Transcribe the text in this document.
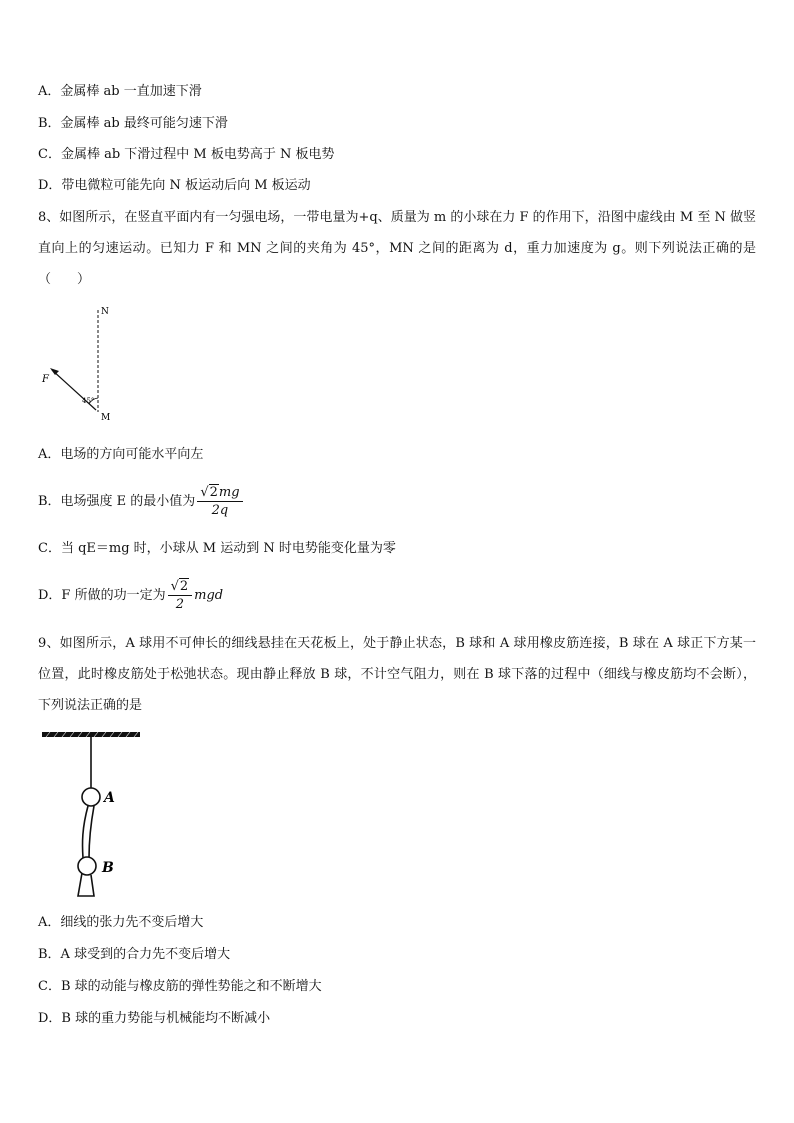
A．金属棒 ab 一直加速下滑
B．金属棒 ab 最终可能匀速下滑
C．金属棒 ab 下滑过程中 M 板电势高于 N 板电势
D．带电微粒可能先向 N 板运动后向 M 板运动
8、如图所示，在竖直平面内有一匀强电场，一带电量为+q、质量为 m 的小球在力 F 的作用下，沿图中虚线由 M 至 N 做竖直向上的匀速运动。已知力 F 和 MN 之间的夹角为 45°，MN 之间的距离为 d，重力加速度为 g。则下列说法正确的是（　　）
N
F
M
45°
A．电场的方向可能水平向左
B．电场强度 E 的最小值为 $\frac{√2mg}{2q}$
C．当 qE＝mg 时，小球从 M 运动到 N 时电势能变化量为零
D．F 所做的功一定为 $\frac{√2}{2}$ mgd
9、如图所示，A 球用不可伸长的细线悬挂在天花板上，处于静止状态，B 球和 A 球用橡皮筋连接，B 球在 A 球正下方某一位置，此时橡皮筋处于松弛状态。现由静止释放 B 球，不计空气阻力，则在 B 球下落的过程中（细线与橡皮筋均不会断），下列说法正确的是
A
B
A．细线的张力先不变后增大
B．A 球受到的合力先不变后增大
C．B 球的动能与橡皮筋的弹性势能之和不断增大
D．B 球的重力势能与机械能均不断减小
